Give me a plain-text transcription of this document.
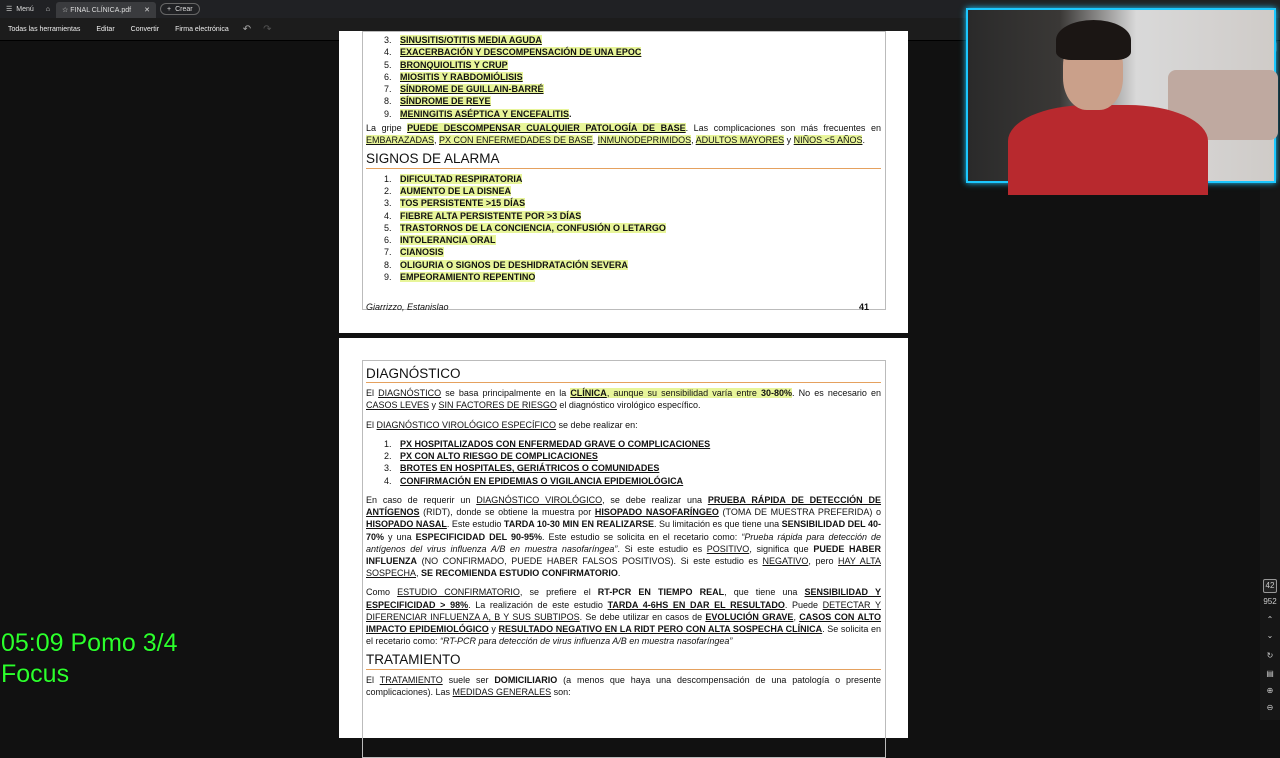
☰ Menú ⌂ ☆ FINAL CLÍNICA.pdf ✕ + Crear
Todas las herramientas	Editar	Convertir	Firma electrónica	↶	↷
3. SINUSITIS/OTITIS MEDIA AGUDA
4. EXACERBACIÓN Y DESCOMPENSACIÓN DE UNA EPOC
5. BRONQUIOLITIS Y CRUP
6. MIOSITIS Y RABDOMIÓLISIS
7. SÍNDROME DE GUILLAIN-BARRÉ
8. SÍNDROME DE REYE
9. MENINGITIS ASÉPTICA Y ENCEFALITIS.

La gripe PUEDE DESCOMPENSAR CUALQUIER PATOLOGÍA DE BASE. Las complicaciones son más frecuentes en EMBARAZADAS, PX CON ENFERMEDADES DE BASE, INMUNODEPRIMIDOS, ADULTOS MAYORES y NIÑOS <5 AÑOS.

SIGNOS DE ALARMA
1. DIFICULTAD RESPIRATORIA
2. AUMENTO DE LA DISNEA
3. TOS PERSISTENTE >15 DÍAS
4. FIEBRE ALTA PERSISTENTE POR >3 DÍAS
5. TRASTORNOS DE LA CONCIENCIA, CONFUSIÓN O LETARGO
6. INTOLERANCIA ORAL
7. CIANOSIS
8. OLIGURIA O SIGNOS DE DESHIDRATACIÓN SEVERA
9. EMPEORAMIENTO REPENTINO
Giarrizzo, Estanislao	41
DIAGNÓSTICO

El DIAGNÓSTICO se basa principalmente en la CLÍNICA, aunque su sensibilidad varía entre 30-80%. No es necesario en CASOS LEVES y SIN FACTORES DE RIESGO el diagnóstico virológico específico.

El DIAGNÓSTICO VIROLÓGICO ESPECÍFICO se debe realizar en:

1. PX HOSPITALIZADOS CON ENFERMEDAD GRAVE O COMPLICACIONES
2. PX CON ALTO RIESGO DE COMPLICACIONES
3. BROTES EN HOSPITALES, GERIÁTRICOS O COMUNIDADES
4. CONFIRMACIÓN EN EPIDEMIAS O VIGILANCIA EPIDEMIOLÓGICA

En caso de requerir un DIAGNÓSTICO VIROLÓGICO, se debe realizar una PRUEBA RÁPIDA DE DETECCIÓN DE ANTÍGENOS (RIDT), donde se obtiene la muestra por HISOPADO NASOFARÍNGEO (TOMA DE MUESTRA PREFERIDA) o HISOPADO NASAL. Este estudio TARDA 10-30 MIN EN REALIZARSE. Su limitación es que tiene una SENSIBILIDAD DEL 40-70% y una ESPECIFICIDAD DEL 90-95%. Este estudio se solicita en el recetario como: “Prueba rápida para detección de antígenos del virus influenza A/B en muestra nasofaríngea”. Si este estudio es POSITIVO, significa que PUEDE HABER INFLUENZA (NO CONFIRMADO, PUEDE HABER FALSOS POSITIVOS). Si este estudio es NEGATIVO, pero HAY ALTA SOSPECHA, SE RECOMIENDA ESTUDIO CONFIRMATORIO.

Como ESTUDIO CONFIRMATORIO, se prefiere el RT-PCR EN TIEMPO REAL, que tiene una SENSIBILIDAD Y ESPECIFICIDAD > 98%. La realización de este estudio TARDA 4-6HS EN DAR EL RESULTADO. Puede DETECTAR Y DIFERENCIAR INFLUENZA A, B Y SUS SUBTIPOS. Se debe utilizar en casos de EVOLUCIÓN GRAVE, CASOS CON ALTO IMPACTO EPIDEMIOLÓGICO y RESULTADO NEGATIVO EN LA RIDT PERO CON ALTA SOSPECHA CLÍNICA. Se solicita en el recetario como: “RT-PCR para detección de virus influenza A/B en muestra nasofaríngea”

TRATAMIENTO

El TRATAMIENTO suele ser DOMICILIARIO (a menos que haya una descompensación de una patología o presente complicaciones). Las MEDIDAS GENERALES son:

42
952
⌃
⌄
↻
▤
⊕
⊖
05:09 Pomo 3/4
Focus
